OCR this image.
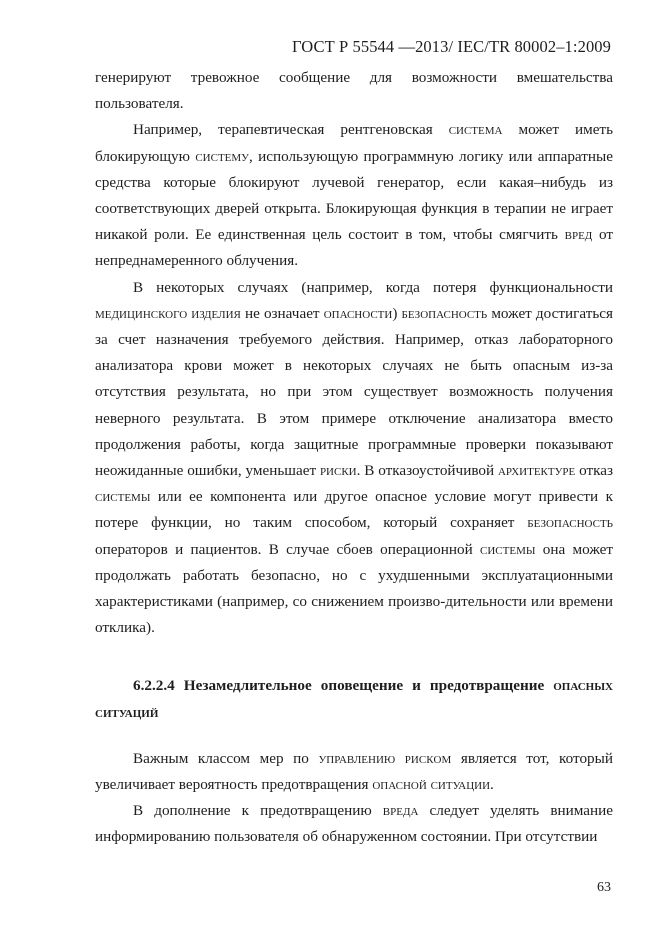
ГОСТ Р 55544 —2013/ IEC/TR 80002–1:2009

генерируют тревожное сообщение для возможности вмешательства пользователя.

Например, терапевтическая рентгеновская система может иметь блокирующую систему, использующую программную логику или аппаратные средства которые блокируют лучевой генератор, если какая–нибудь из соответствующих дверей открыта. Блокирующая функция в терапии не играет никакой роли. Ее единственная цель состоит в том, чтобы смягчить вред от непреднамеренного облучения.

В некоторых случаях (например, когда потеря функциональности медицинского изделия не означает опасности) безопасность может достигаться за счет назначения требуемого действия. Например, отказ лабораторного анализатора крови может в некоторых случаях не быть опасным из-за отсутствия результата, но при этом существует возможность получения неверного результата. В этом примере отключение анализатора вместо продолжения работы, когда защитные программные проверки показывают неожиданные ошибки, уменьшает риски. В отказоустойчивой архитектуре отказ системы или ее компонента или другое опасное условие могут привести к потере функции, но таким способом, который сохраняет безопасность операторов и пациентов. В случае сбоев операционной системы она может продолжать работать безопасно, но с ухудшенными эксплуатационными характеристиками (например, со снижением произво-дительности или времени отклика).

6.2.2.4 Незамедлительное оповещение и предотвращение опасных ситуаций

Важным классом мер по управлению рискoм является тот, который увеличивает вероятность предотвращения опасной ситуации.

В дополнение к предотвращению вреда следует уделять внимание информированию пользователя об обнаруженном состоянии. При отсутствии

63
